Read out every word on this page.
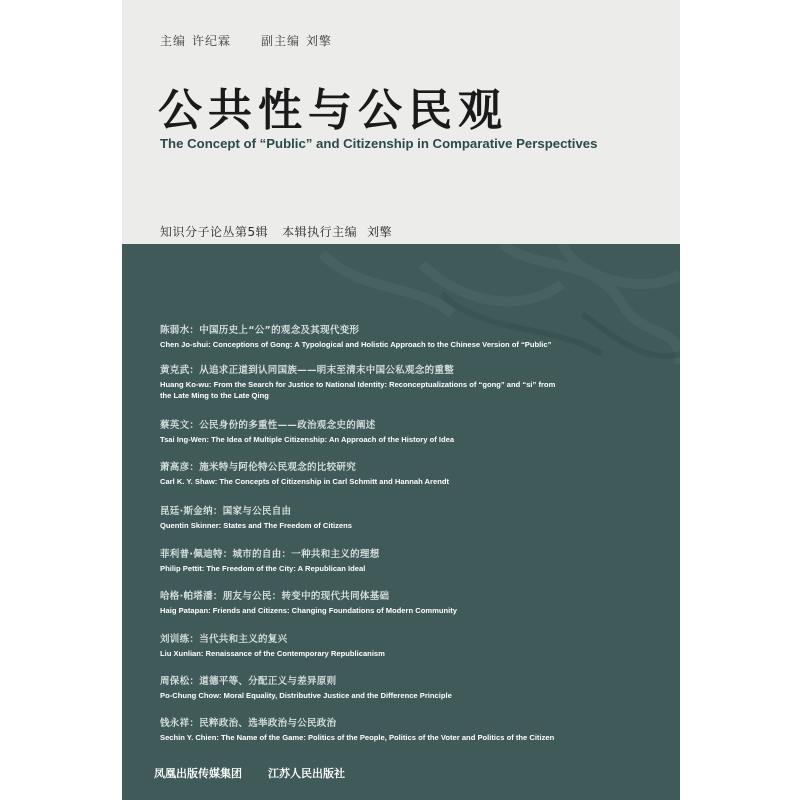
主编 许纪霖	副主编 刘擎
公共性与公民观
The Concept of “Public” and Citizenship in Comparative Perspectives
知识分子论丛第5辑 本辑执行主编 刘擎
陈弱水：中国历史上“公”的观念及其现代变形
Chen Jo-shui: Conceptions of Gong: A Typological and Holistic Approach to the Chinese Version of “Public”
黄克武：从追求正道到认同国族——明末至清末中国公私观念的重整
Huang Ko-wu: From the Search for Justice to National Identity: Reconceptualizations of “gong” and “si” from
the Late Ming to the Late Qing
蔡英文：公民身份的多重性——政治观念史的阐述
Tsai Ing-Wen: The Idea of Multiple Citizenship: An Approach of the History of Idea
萧高彦：施米特与阿伦特公民观念的比较研究
Carl K. Y. Shaw: The Concepts of Citizenship in Carl Schmitt and Hannah Arendt
昆廷·斯金纳：国家与公民自由
Quentin Skinner: States and The Freedom of Citizens
菲利普·佩迪特：城市的自由：一种共和主义的理想
Philip Pettit: The Freedom of the City: A Republican Ideal
哈格·帕塔潘：朋友与公民：转变中的现代共同体基础
Haig Patapan: Friends and Citizens: Changing Foundations of Modern Community
刘训练：当代共和主义的复兴
Liu Xunlian: Renaissance of the Contemporary Republicanism
周保松：道德平等、分配正义与差异原则
Po-Chung Chow: Moral Equality, Distributive Justice and the Difference Principle
钱永祥：民粹政治、选举政治与公民政治
Sechin Y. Chien: The Name of the Game: Politics of the People, Politics of the Voter and Politics of the Citizen
凤凰出版传媒集团 江苏人民出版社
